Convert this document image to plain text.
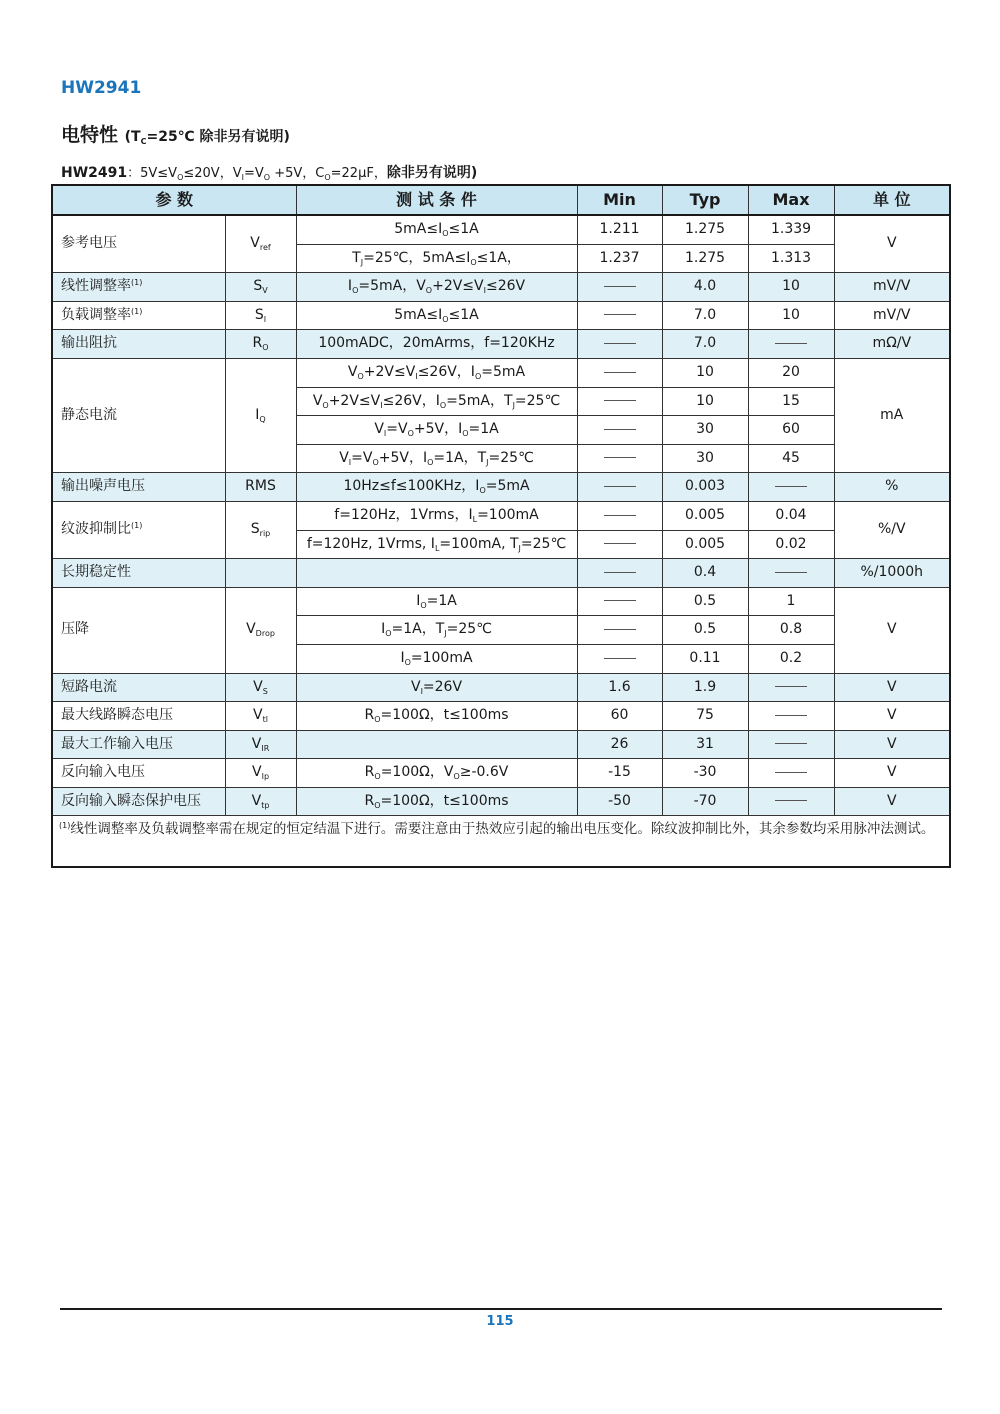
HW2941
电特性 ($T_C=25℃$ 除非另有说明)
HW2491：$5V\le V_O\le 20V$，$V_I=V_O +5V$，$C_O=22\mu F$，除非另有说明)
参 数		测 试 条 件	Min	Typ	Max	单 位
参考电压	$V_{ref}$	$5mA\le I_O\le 1A$	1.211	1.275	1.339	V
		$T_J=25℃$，$5mA\le I_O\le 1A$，	1.237	1.275	1.313	
线性调整率$^{(1)}$	$S_V$	$I_O=5mA$，$V_O+2V\le V_I\le 26V$		4.0	10	mV/V
负载调整率$^{(1)}$	$S_I$	$5mA\le I_O\le 1A$		7.0	10	mV/V
输出阻抗	$R_O$	100mADC，20mArms，f=120KHz		7.0		mΩ/V
静态电流	$I_Q$	$V_O+2V\le V_I\le 26V$，$I_O=5mA$		10	20	mA
		$V_O+2V\le V_I\le 26V$，$I_O=5mA$，$T_J=25℃$		10	15	
		$V_I=V_O+5V$，$I_O=1A$		30	60	
		$V_I=V_O+5V$，$I_O=1A$，$T_J=25℃$		30	45	
输出噪声电压	RMS	10Hz≤f≤100KHz，$I_O=5mA$		0.003		%
纹波抑制比$^{(1)}$	$S_{rip}$	f=120Hz，1Vrms，$I_L=100mA$		0.005	0.04	%/V
		f=120Hz, 1Vrms, $I_L=100mA$, $T_J=25℃$		0.005	0.02	
长期稳定性				0.4		%/1000h
压降	$V_{Drop}$	$I_O=1A$		0.5	1	V
		$I_O=1A$，$T_J=25℃$		0.5	0.8	
		$I_O=100mA$		0.11	0.2	
短路电流	$V_S$	$V_I=26V$	1.6	1.9		V
最大线路瞬态电压	$V_{tl}$	$R_O=100\Omega$，t≤100ms	60	75		V
最大工作输入电压	$V_{IR}$		26	31		V
反向输入电压	$V_{Ip}$	$R_O=100\Omega$，$V_O\ge-0.6V$	-15	-30		V
反向输入瞬态保护电压	$V_{tp}$	$R_O=100\Omega$，t≤100ms	-50	-70		V
$^{(1)}$线性调整率及负载调整率需在规定的恒定结温下进行。需要注意由于热效应引起的输出电压变化。除纹波抑制比外，其余参数均采用脉冲法测试。						
115
